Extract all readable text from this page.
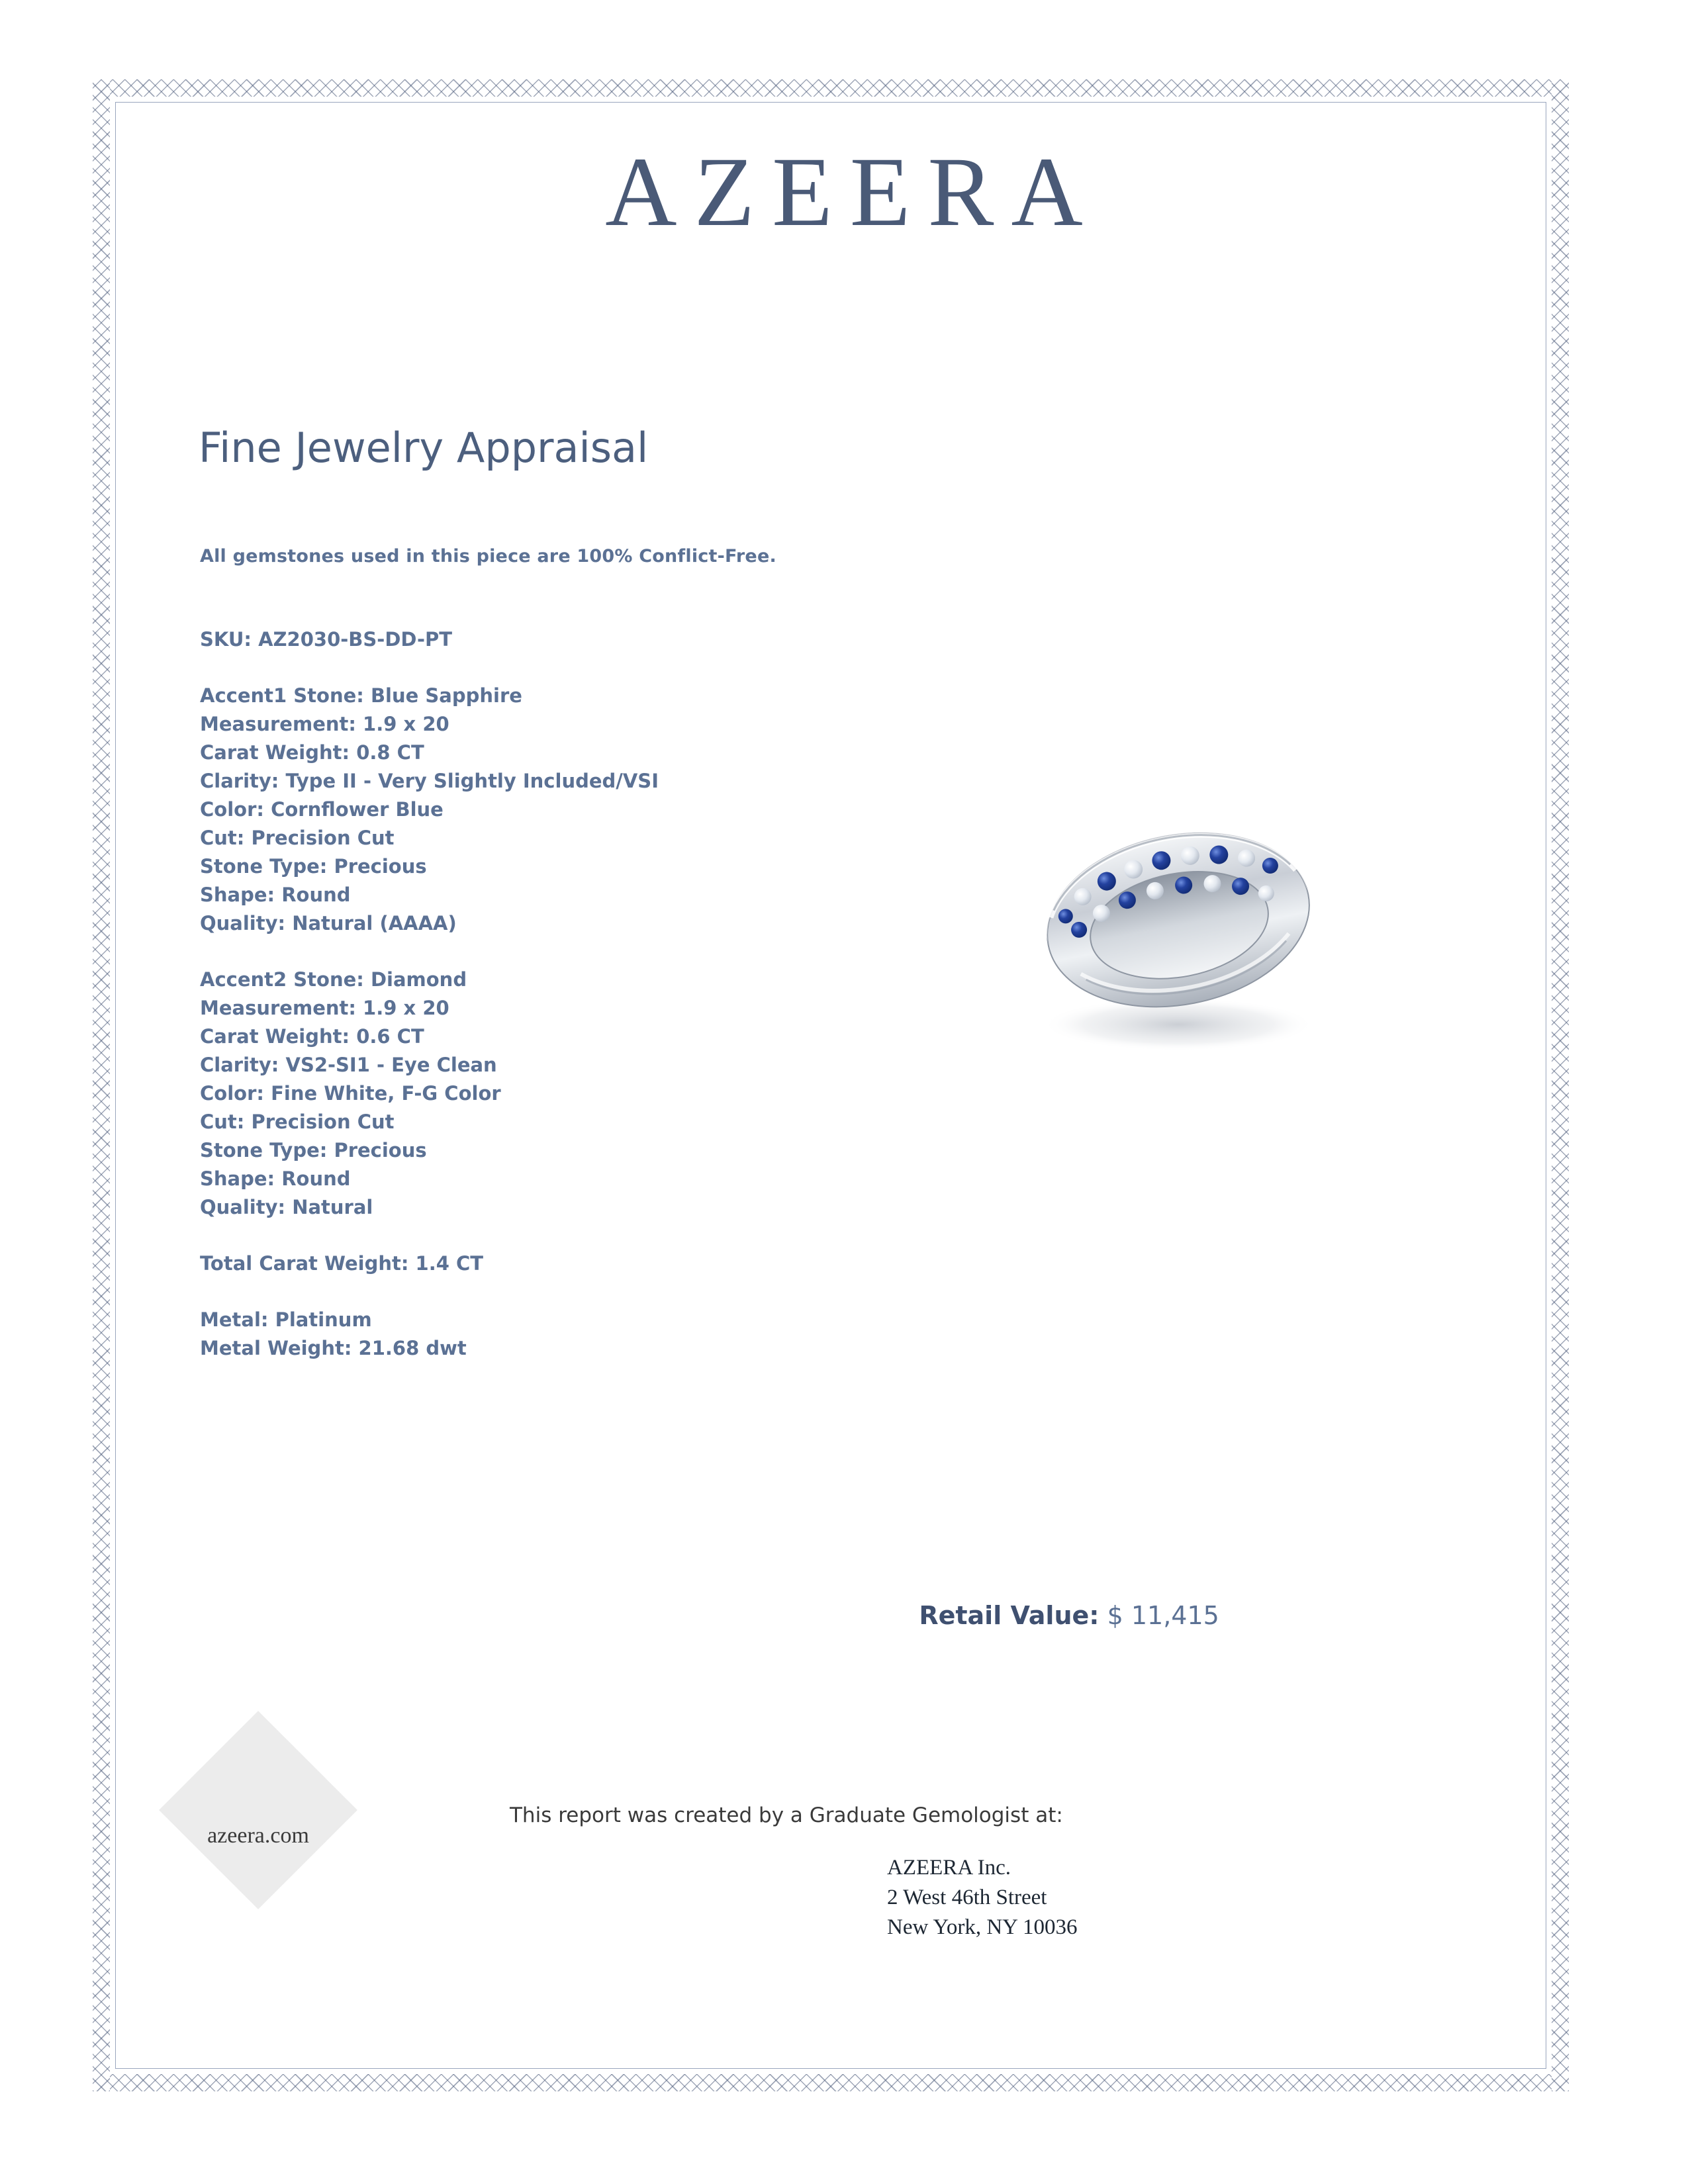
AZEERA
Fine Jewelry Appraisal
All gemstones used in this piece are 100% Conflict-Free.
SKU: AZ2030-BS-DD-PT
Accent1 Stone: Blue Sapphire
Measurement: 1.9 x 20
Carat Weight: 0.8 CT
Clarity: Type II - Very Slightly Included/VSI
Color: Cornflower Blue
Cut: Precision Cut
Stone Type: Precious
Shape: Round
Quality: Natural (AAAA)
Accent2 Stone: Diamond
Measurement: 1.9 x 20
Carat Weight: 0.6 CT
Clarity: VS2-SI1 - Eye Clean
Color: Fine White, F-G Color
Cut: Precision Cut
Stone Type: Precious
Shape: Round
Quality: Natural
Total Carat Weight: 1.4 CT
Metal: Platinum
Metal Weight: 21.68 dwt

Retail Value: $ 11,415

This report was created by a Graduate Gemologist at:
AZEERA Inc.
2 West 46th Street
New York, NY 10036
azeera.com
